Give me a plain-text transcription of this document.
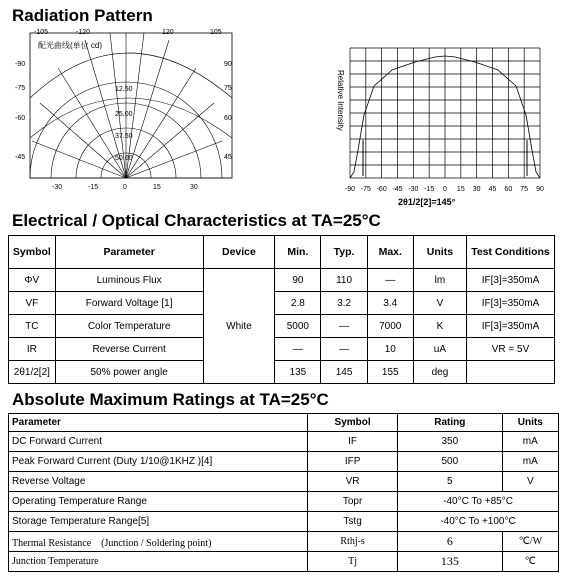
Radiation Pattern
配光曲线(单位 cd)
-105	-120	120	105
-90
-75
-60
-45
90
75
60
45
-30	-15	0	15	30
12.50
25.00
37.50
50.00
Relative Intensity
-90 -75 -60 -45 -30 -15 0 15 30 45 60 75 90
2θ1/2[2]=145°
Electrical / Optical Characteristics at TA=25°C
Symbol	Parameter	Device	Min.	Typ.	Max.	Units	Test Conditions
ΦV	Luminous Flux	White	90	110	—	lm	IF[3]=350mA
VF	Forward Voltage [1]		2.8	3.2	3.4	V	IF[3]=350mA
TC	Color Temperature		5000	—	7000	K	IF[3]=350mA
IR	Reverse Current		—	—	10	uA	VR = 5V
2θ1/2[2]	50% power angle		135	145	155	deg	
Absolute Maximum Ratings at TA=25°C
Parameter	Symbol	Rating	Units
DC Forward Current	IF	350	mA
Peak Forward Current (Duty 1/10@1KHZ )[4]	IFP	500	mA
Reverse Voltage	VR	5	V
Operating Temperature Range	Topr	-40°C To +85°C	
Storage Temperature Range[5]	Tstg	-40°C To +100°C	
Thermal Resistance　(Junction / Soldering point)	Rthj-s	6	℃/W
Junction Temperature	Tj	135	℃
